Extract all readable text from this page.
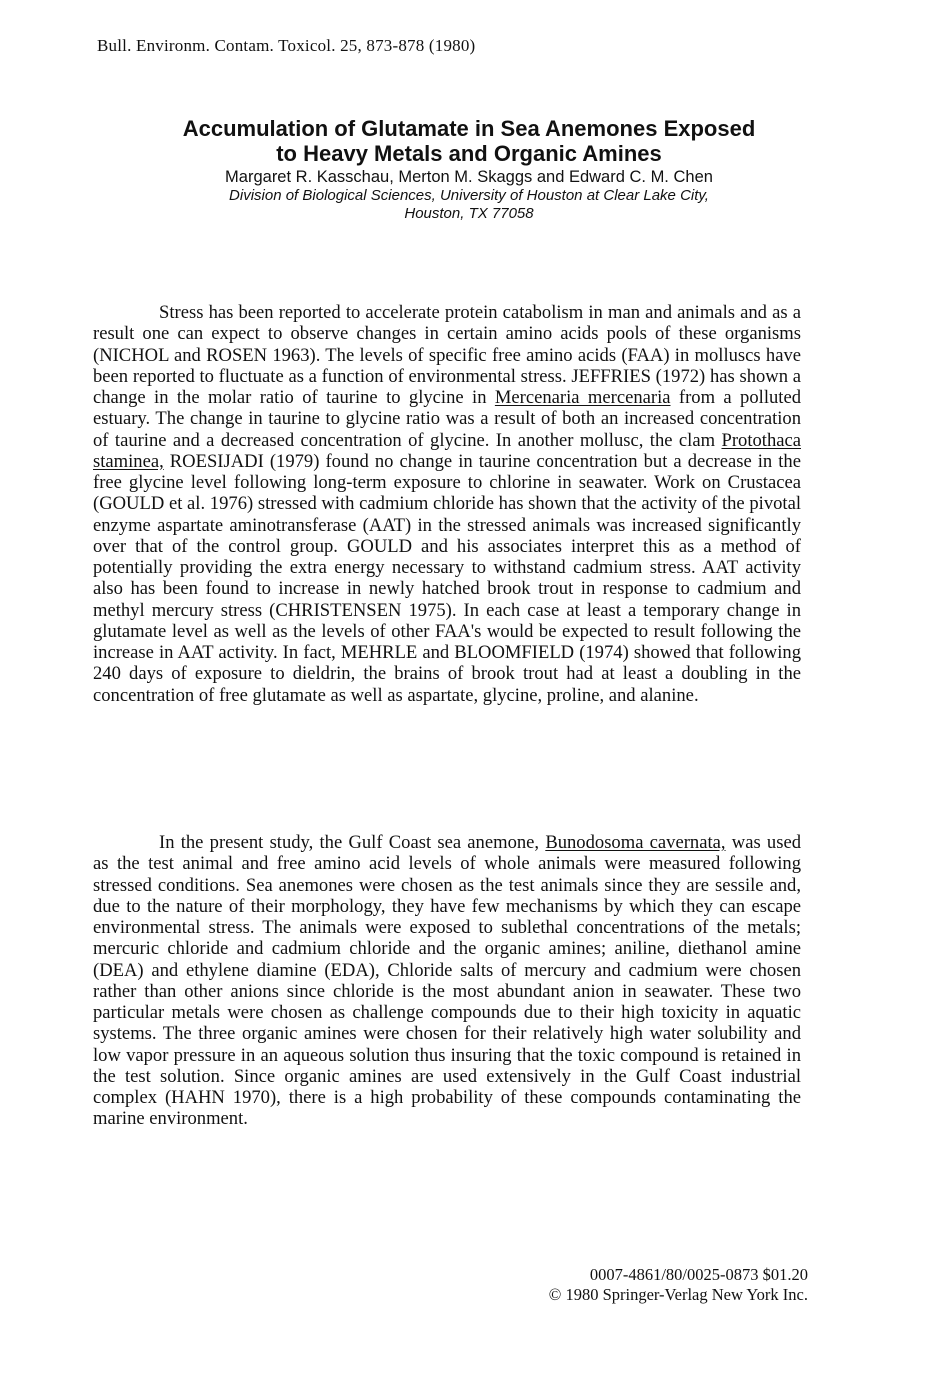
Bull. Environm. Contam. Toxicol. 25, 873-878 (1980)
Accumulation of Glutamate in Sea Anemones Exposed
to Heavy Metals and Organic Amines
Margaret R. Kasschau, Merton M. Skaggs and Edward C. M. Chen
Division of Biological Sciences, University of Houston at Clear Lake City,
Houston, TX 77058

Stress has been reported to accelerate protein catabolism in man and animals and as a result one can expect to observe changes in certain amino acids pools of these organisms (NICHOL and ROSEN 1963). The levels of specific free amino acids (FAA) in molluscs have been reported to fluctuate as a function of environmental stress. JEFFRIES (1972) has shown a change in the molar ratio of taurine to glycine in Mercenaria mercenaria from a polluted estuary. The change in taurine to glycine ratio was a result of both an increased concentration of taurine and a decreased concentration of glycine. In another mollusc, the clam Protothaca staminea, ROESIJADI (1979) found no change in taurine concentration but a decrease in the free glycine level following long-term exposure to chlorine in seawater. Work on Crustacea (GOULD et al. 1976) stressed with cadmium chloride has shown that the activity of the pivotal enzyme aspartate aminotransferase (AAT) in the stressed animals was increased significantly over that of the control group. GOULD and his associates interpret this as a method of potentially providing the extra energy necessary to withstand cadmium stress. AAT activity also has been found to increase in newly hatched brook trout in response to cadmium and methyl mercury stress (CHRISTENSEN 1975). In each case at least a temporary change in glutamate level as well as the levels of other FAA's would be expected to result following the increase in AAT activity. In fact, MEHRLE and BLOOMFIELD (1974) showed that following 240 days of exposure to dieldrin, the brains of brook trout had at least a doubling in the concentration of free glutamate as well as aspartate, glycine, proline, and alanine.

In the present study, the Gulf Coast sea anemone, Bunodosoma cavernata, was used as the test animal and free amino acid levels of whole animals were measured following stressed conditions. Sea anemones were chosen as the test animals since they are sessile and, due to the nature of their morphology, they have few mechanisms by which they can escape environmental stress. The animals were exposed to sublethal concentrations of the metals; mercuric chloride and cadmium chloride and the organic amines; aniline, diethanol amine (DEA) and ethylene diamine (EDA), Chloride salts of mercury and cadmium were chosen rather than other anions since chloride is the most abundant anion in seawater. These two particular metals were chosen as challenge compounds due to their high toxicity in aquatic systems. The three organic amines were chosen for their relatively high water solubility and low vapor pressure in an aqueous solution thus insuring that the toxic compound is retained in the test solution. Since organic amines are used extensively in the Gulf Coast industrial complex (HAHN 1970), there is a high probability of these compounds contaminating the marine environment.

0007-4861/80/0025-0873 $01.20
© 1980 Springer-Verlag New York Inc.
